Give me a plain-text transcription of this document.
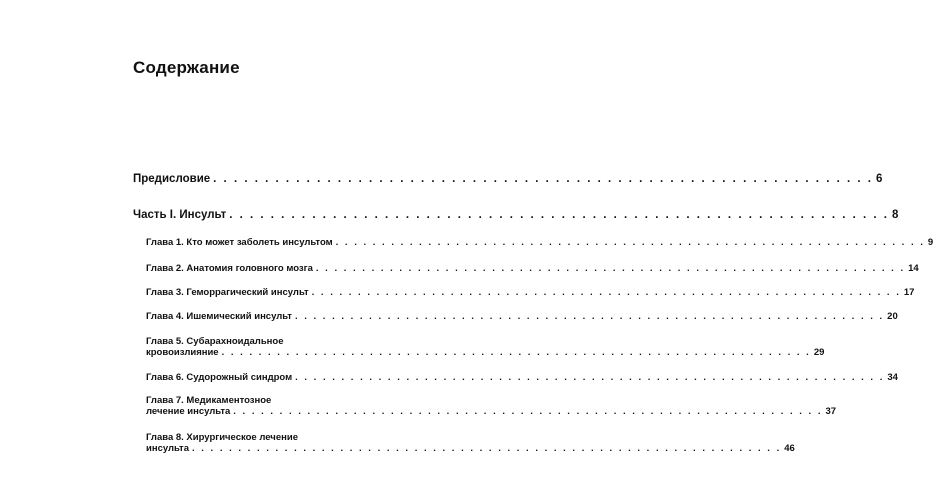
Содержание
Предисловие . . . . . . . . . . . . . . . . . . . . . . . . . . . . . . . . . . . . . . . . . . . . . . . . . . . . . . . . . . . . . . . . 6
Часть I. Инсульт . . . . . . . . . . . . . . . . . . . . . . . . . . . . . . . . . . . . . . . . . . . . . . . . . . . . . . . . . . . . . . . . 8
Глава 1. Кто может заболеть инсультом . . . . . . . . . . . . . . . . . . . . . . . . . . . . . . . . . . . . . . . . . . . . . . . . . . . . . . . . . . . . . . . . 9
Глава 2. Анатомия головного мозга . . . . . . . . . . . . . . . . . . . . . . . . . . . . . . . . . . . . . . . . . . . . . . . . . . . . . . . . . . . . . . . . 14
Глава 3. Геморрагический инсульт . . . . . . . . . . . . . . . . . . . . . . . . . . . . . . . . . . . . . . . . . . . . . . . . . . . . . . . . . . . . . . . . 17
Глава 4. Ишемический инсульт . . . . . . . . . . . . . . . . . . . . . . . . . . . . . . . . . . . . . . . . . . . . . . . . . . . . . . . . . . . . . . . . 20
Глава 5. Субарахноидальное
кровоизлияние . . . . . . . . . . . . . . . . . . . . . . . . . . . . . . . . . . . . . . . . . . . . . . . . . . . . . . . . . . . . . . . . 29
Глава 6. Судорожный синдром . . . . . . . . . . . . . . . . . . . . . . . . . . . . . . . . . . . . . . . . . . . . . . . . . . . . . . . . . . . . . . . . 34
Глава 7. Медикаментозное
лечение инсульта . . . . . . . . . . . . . . . . . . . . . . . . . . . . . . . . . . . . . . . . . . . . . . . . . . . . . . . . . . . . . . . . 37
Глава 8. Хирургическое лечение
инсульта . . . . . . . . . . . . . . . . . . . . . . . . . . . . . . . . . . . . . . . . . . . . . . . . . . . . . . . . . . . . . . . . 46
